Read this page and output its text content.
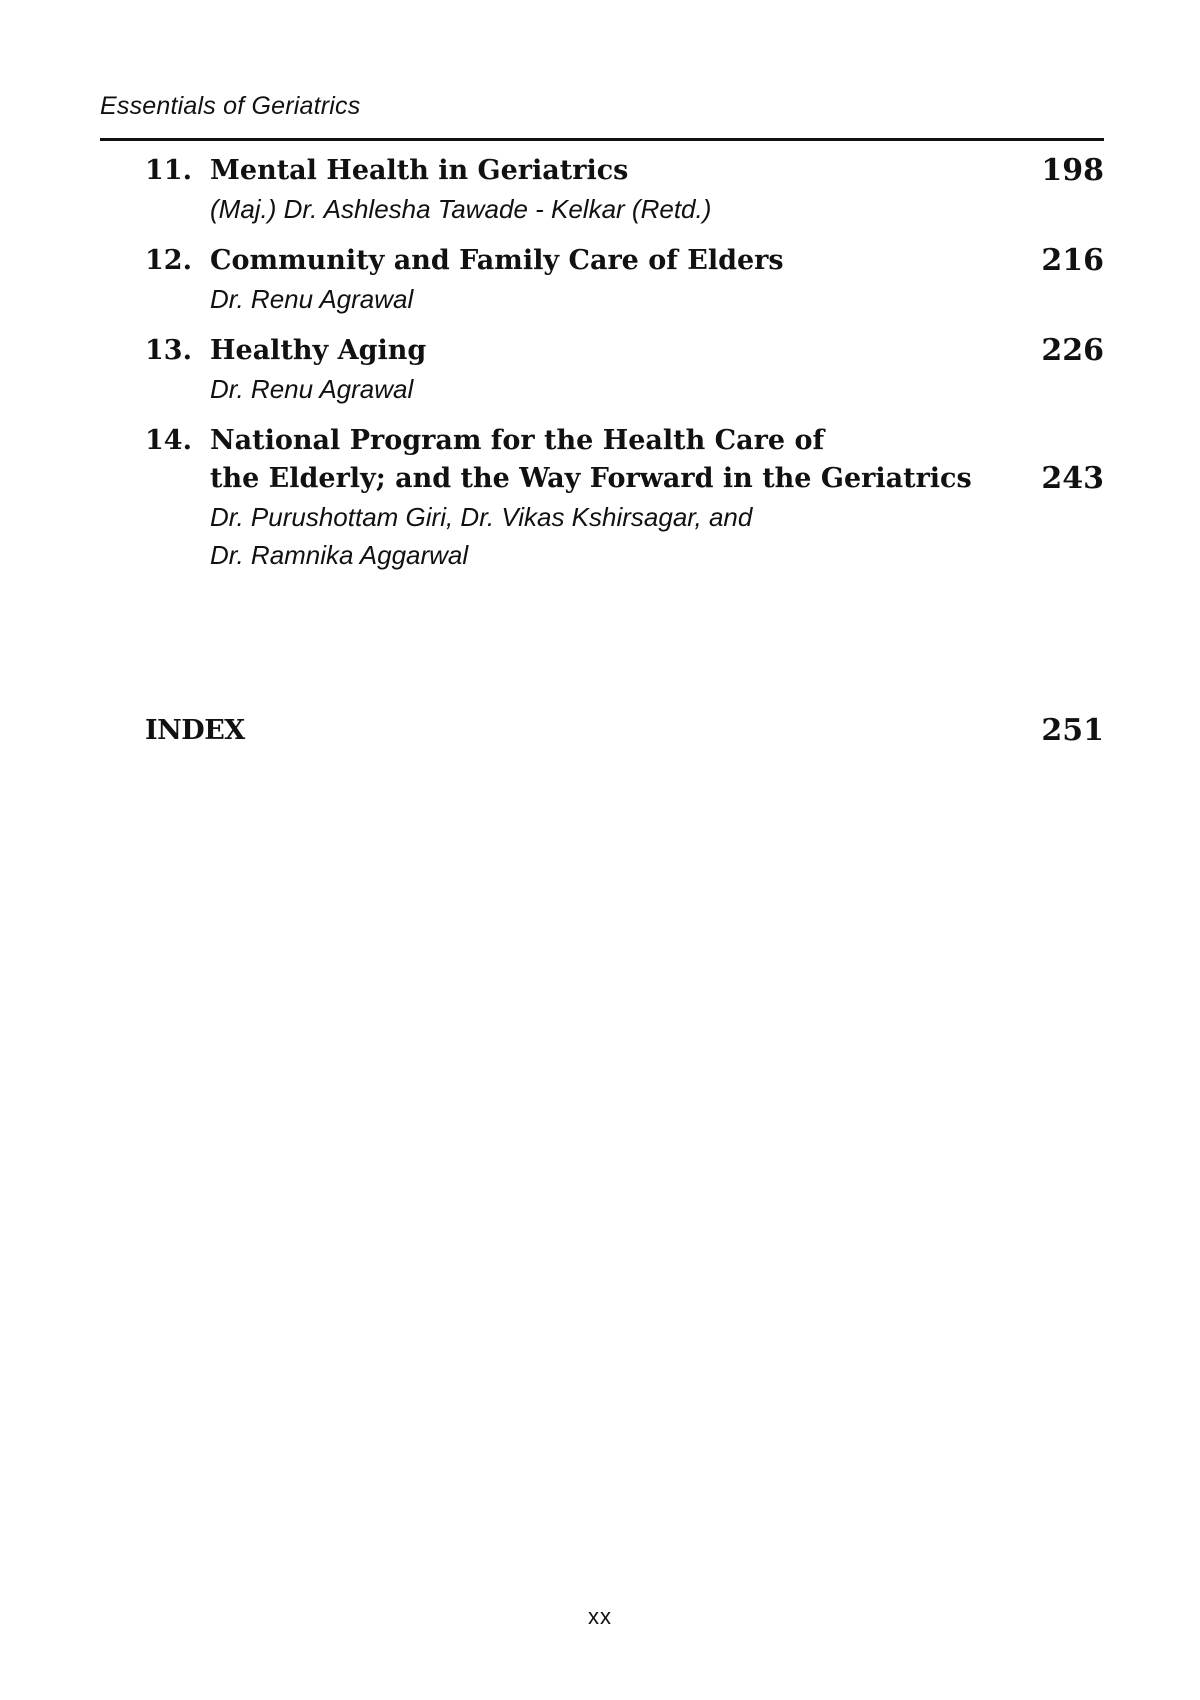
Essentials of Geriatrics
11. Mental Health in Geriatrics
(Maj.) Dr. Ashlesha Tawade - Kelkar (Retd.)
198
12. Community and Family Care of Elders
Dr. Renu Agrawal
216
13. Healthy Aging
Dr. Renu Agrawal
226
14. National Program for the Health Care of
the Elderly; and the Way Forward in the Geriatrics
Dr. Purushottam Giri, Dr. Vikas Kshirsagar, and
Dr. Ramnika Aggarwal
243
INDEX	251
xx
